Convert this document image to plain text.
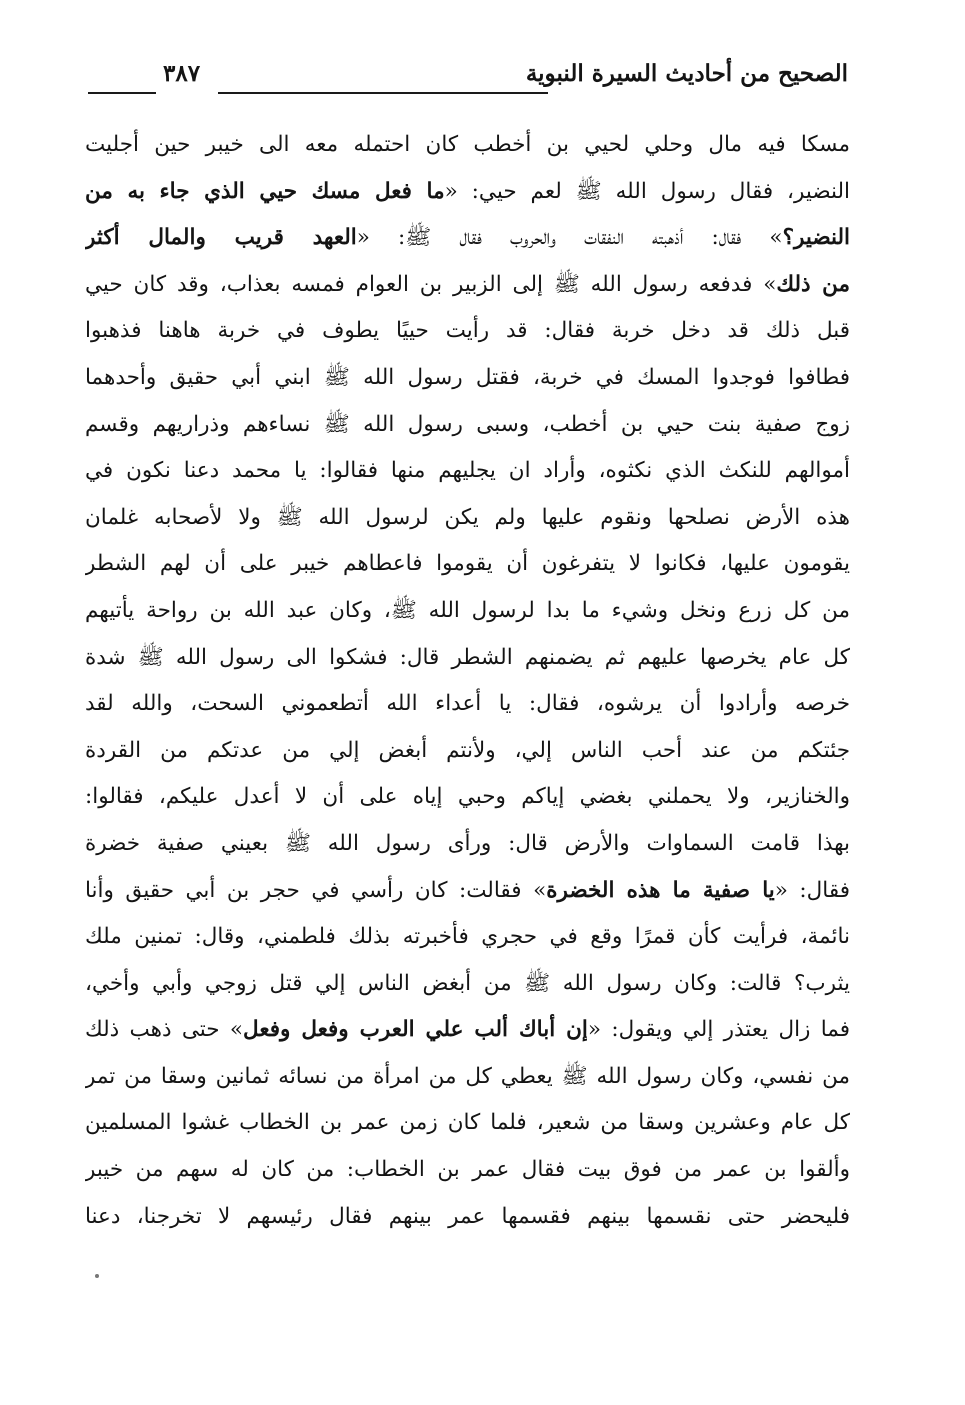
الصحيح من أحاديث السيرة النبوية
٣٨٧
مسكا فيه مال وحلي لحيي بن أخطب كان احتمله معه الى خيبر حين أجليت
النضير، فقال رسول الله ﷺ لعم حيي: «ما فعل مسك حيي الذي جاء به من
النضير؟» فقال: أذهبته النفقات والحروب فقال ﷺ: «العهد قريب والمال أكثر
من ذلك» فدفعه رسول الله ﷺ إلى الزبير بن العوام فمسه بعذاب، وقد كان حيي
قبل ذلك قد دخل خربة فقال: قد رأيت حييًا يطوف في خربة هاهنا فذهبوا
فطافوا فوجدوا المسك في خربة، فقتل رسول الله ﷺ ابني أبي حقيق وأحدهما
زوج صفية بنت حيي بن أخطب، وسبى رسول الله ﷺ نساءهم وذراريهم وقسم
أموالهم للنكث الذي نكثوه، وأراد ان يجليهم منها فقالوا: يا محمد دعنا نكون في
هذه الأرض نصلحها ونقوم عليها ولم يكن لرسول الله ﷺ ولا لأصحابه غلمان
يقومون عليها، فكانوا لا يتفرغون أن يقوموا فاعطاهم خيبر على أن لهم الشطر
من كل زرع ونخل وشيء ما بدا لرسول الله ﷺ، وكان عبد الله بن رواحة يأتيهم
كل عام يخرصها عليهم ثم يضمنهم الشطر قال: فشكوا الى رسول الله ﷺ شدة
خرصه وأرادوا أن يرشوه، فقال: يا أعداء الله أتطعموني السحت، والله لقد
جئتكم من عند أحب الناس إلي، ولأنتم أبغض إلي من عدتكم من القردة
والخنازير، ولا يحملني بغضي إياكم وحبي إياه على أن لا أعدل عليكم، فقالوا:
بهذا قامت السماوات والأرض قال: ورأى رسول الله ﷺ بعيني صفية خضرة
فقال: «يا صفية ما هذه الخضرة» فقالت: كان رأسي في حجر بن أبي حقيق وأنا
نائمة، فرأيت كأن قمرًا وقع في حجري فأخبرته بذلك فلطمني، وقال: تمنين ملك
يثرب؟ قالت: وكان رسول الله ﷺ من أبغض الناس إلي قتل زوجي وأبي وأخي،
فما زال يعتذر إلي ويقول: «إن أباك ألب علي العرب وفعل وفعل» حتى ذهب ذلك
من نفسي، وكان رسول الله ﷺ يعطي كل من امرأة من نسائه ثمانين وسقا من تمر
كل عام وعشرين وسقا من شعير، فلما كان زمن عمر بن الخطاب غشوا المسلمين
وألقوا بن عمر من فوق بيت فقال عمر بن الخطاب: من كان له سهم من خيبر
فليحضر حتى نقسمها بينهم فقسمها عمر بينهم فقال رئيسهم لا تخرجنا، دعنا
